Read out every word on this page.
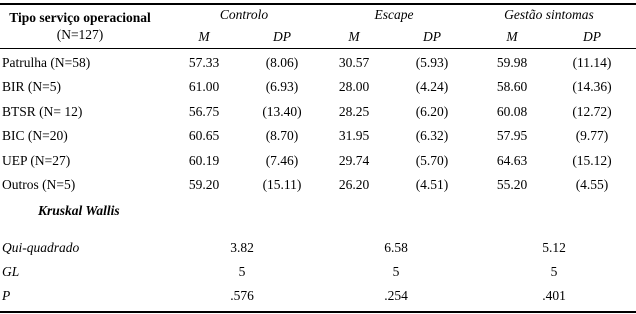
Tipo serviço operacional
(N=127)
Controlo	Escape	Gestão sintomas
M	DP	M	DP	M	DP
Patrulha (N=58)	57.33	(8.06)	30.57	(5.93)	59.98	(11.14)
BIR (N=5)	61.00	(6.93)	28.00	(4.24)	58.60	(14.36)
BTSR (N= 12)	56.75	(13.40)	28.25	(6.20)	60.08	(12.72)
BIC (N=20)	60.65	(8.70)	31.95	(6.32)	57.95	(9.77)
UEP (N=27)	60.19	(7.46)	29.74	(5.70)	64.63	(15.12)
Outros (N=5)	59.20	(15.11)	26.20	(4.51)	55.20	(4.55)
Kruskal Wallis
Qui-quadrado	3.82	6.58	5.12
GL	5	5	5
P	.576	.254	.401
